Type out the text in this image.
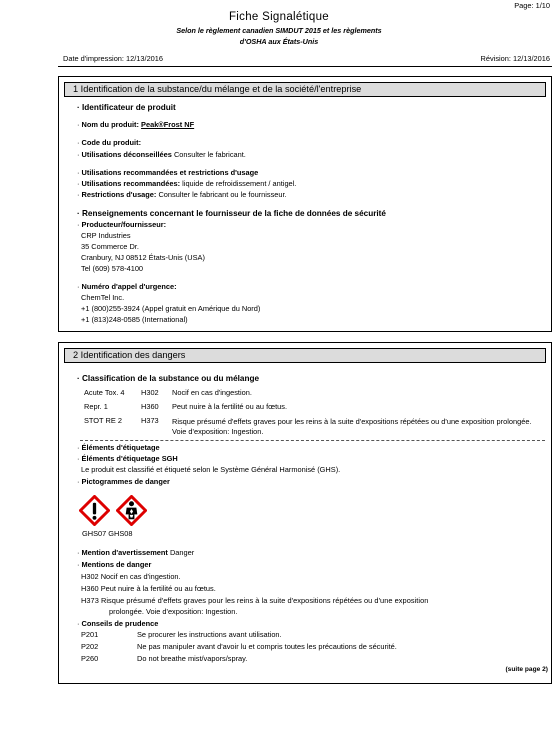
Page: 1/10
Fiche Signalétique
Selon le règlement canadien SIMDUT 2015 et les règlements
d'OSHA aux États-Unis
Date d'impression: 12/13/2016	Révision: 12/13/2016
1 Identification de la substance/du mélange et de la société/l'entreprise
· Identificateur de produit
· Nom du produit: Peak®Frost NF
· Code du produit:
· Utilisations déconseillées Consulter le fabricant.
· Utilisations recommandées et restrictions d'usage
· Utilisations recommandées: liquide de refroidissement / antigel.
· Restrictions d'usage: Consulter le fabricant ou le fournisseur.
· Renseignements concernant le fournisseur de la fiche de données de sécurité
· Producteur/fournisseur:
CRP Industries
35 Commerce Dr.
Cranbury, NJ 08512 États-Unis (USA)
Tel (609) 578-4100
· Numéro d'appel d'urgence:
ChemTel Inc.
+1 (800)255-3924 (Appel gratuit en Amérique du Nord)
+1 (813)248-0585 (International)
2 Identification des dangers
· Classification de la substance ou du mélange
Acute Tox. 4 H302 Nocif en cas d'ingestion.
Repr. 1	H360 Peut nuire à la fertilité ou au fœtus.
STOT RE 2	H373 Risque présumé d'effets graves pour les reins à la suite d'expositions répétées ou d'une exposition prolongée. Voie d'exposition: Ingestion.
· Éléments d'étiquetage
· Éléments d'étiquetage SGH
Le produit est classifié et étiqueté selon le Système Général Harmonisé (GHS).
· Pictogrammes de danger
GHS07 GHS08
· Mention d'avertissement Danger
· Mentions de danger
H302 Nocif en cas d'ingestion.
H360 Peut nuire à la fertilité ou au fœtus.
H373 Risque présumé d'effets graves pour les reins à la suite d'expositions répétées ou d'une exposition
prolongée. Voie d'exposition: Ingestion.
· Conseils de prudence
P201	Se procurer les instructions avant utilisation.
P202	Ne pas manipuler avant d'avoir lu et compris toutes les précautions de sécurité.
P260	Do not breathe mist/vapors/spray.
(suite page 2)
